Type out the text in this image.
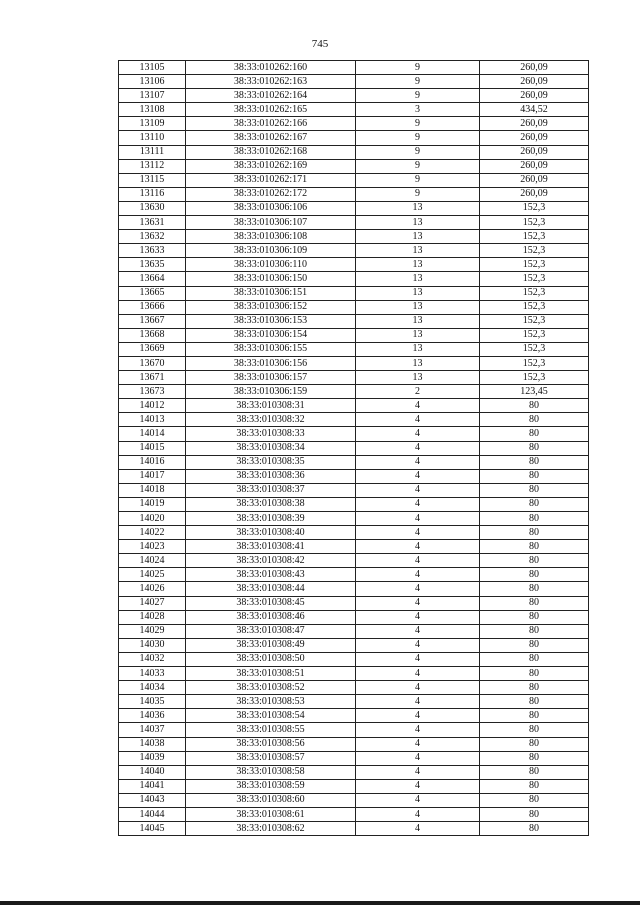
745
13105	38:33:010262:160	9	260,09
13106	38:33:010262:163	9	260,09
13107	38:33:010262:164	9	260,09
13108	38:33:010262:165	3	434,52
13109	38:33:010262:166	9	260,09
13110	38:33:010262:167	9	260,09
13111	38:33:010262:168	9	260,09
13112	38:33:010262:169	9	260,09
13115	38:33:010262:171	9	260,09
13116	38:33:010262:172	9	260,09
13630	38:33:010306:106	13	152,3
13631	38:33:010306:107	13	152,3
13632	38:33:010306:108	13	152,3
13633	38:33:010306:109	13	152,3
13635	38:33:010306:110	13	152,3
13664	38:33:010306:150	13	152,3
13665	38:33:010306:151	13	152,3
13666	38:33:010306:152	13	152,3
13667	38:33:010306:153	13	152,3
13668	38:33:010306:154	13	152,3
13669	38:33:010306:155	13	152,3
13670	38:33:010306:156	13	152,3
13671	38:33:010306:157	13	152,3
13673	38:33:010306:159	2	123,45
14012	38:33:010308:31	4	80
14013	38:33:010308:32	4	80
14014	38:33:010308:33	4	80
14015	38:33:010308:34	4	80
14016	38:33:010308:35	4	80
14017	38:33:010308:36	4	80
14018	38:33:010308:37	4	80
14019	38:33:010308:38	4	80
14020	38:33:010308:39	4	80
14022	38:33:010308:40	4	80
14023	38:33:010308:41	4	80
14024	38:33:010308:42	4	80
14025	38:33:010308:43	4	80
14026	38:33:010308:44	4	80
14027	38:33:010308:45	4	80
14028	38:33:010308:46	4	80
14029	38:33:010308:47	4	80
14030	38:33:010308:49	4	80
14032	38:33:010308:50	4	80
14033	38:33:010308:51	4	80
14034	38:33:010308:52	4	80
14035	38:33:010308:53	4	80
14036	38:33:010308:54	4	80
14037	38:33:010308:55	4	80
14038	38:33:010308:56	4	80
14039	38:33:010308:57	4	80
14040	38:33:010308:58	4	80
14041	38:33:010308:59	4	80
14043	38:33:010308:60	4	80
14044	38:33:010308:61	4	80
14045	38:33:010308:62	4	80
